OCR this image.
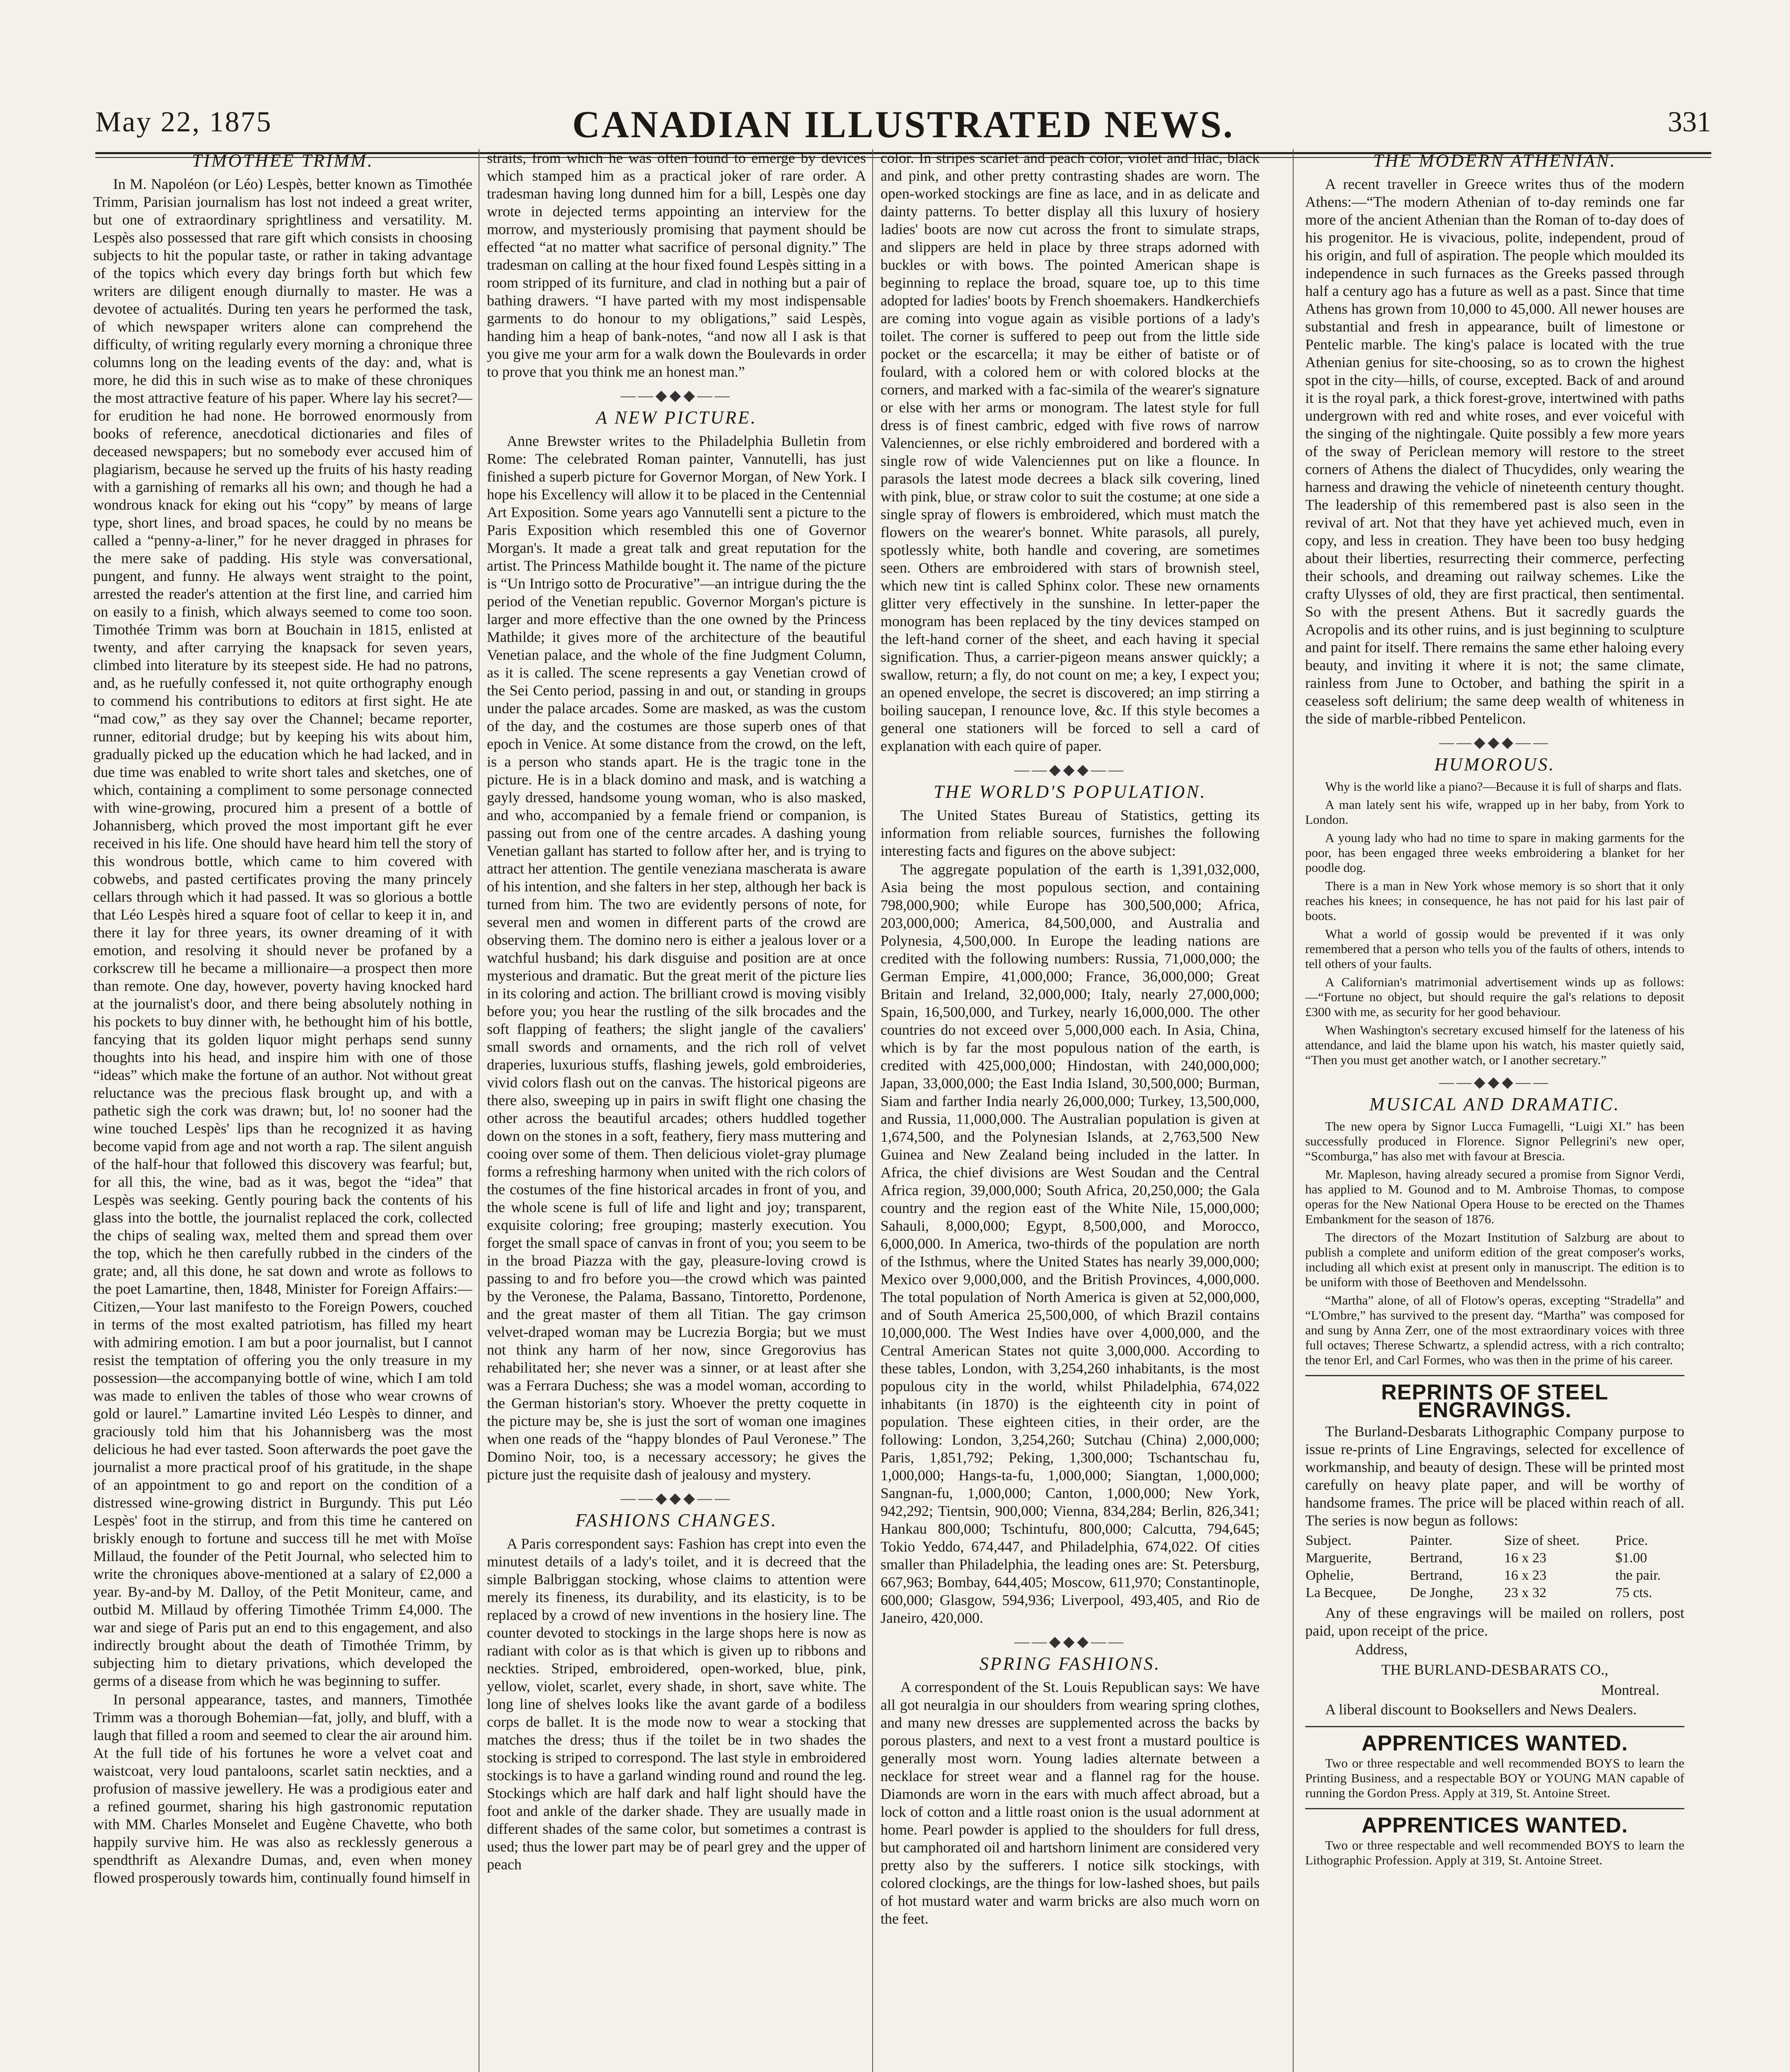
May 22, 1875	CANADIAN ILLUSTRATED NEWS.	331
TIMOTHEE TRIMM.

In M. Napoléon (or Léo) Lespès, better known as Timothée Trimm, Parisian journalism has lost not indeed a great writer, but one of extraordinary sprightliness and versatility. M. Lespès also possessed that rare gift which consists in choosing subjects to hit the popular taste, or rather in taking advantage of the topics which every day brings forth but which few writers are diligent enough diurnally to master. He was a devotee of actualités. During ten years he performed the task, of which newspaper writers alone can comprehend the difficulty, of writing regularly every morning a chronique three columns long on the leading events of the day: and, what is more, he did this in such wise as to make of these chroniques the most attractive feature of his paper. Where lay his secret?—for erudition he had none. He borrowed enormously from books of reference, anecdotical dictionaries and files of deceased newspapers; but no somebody ever accused him of plagiarism, because he served up the fruits of his hasty reading with a garnishing of remarks all his own; and though he had a wondrous knack for eking out his “copy” by means of large type, short lines, and broad spaces, he could by no means be called a “penny-a-liner,” for he never dragged in phrases for the mere sake of padding. His style was conversational, pungent, and funny. He always went straight to the point, arrested the reader's attention at the first line, and carried him on easily to a finish, which always seemed to come too soon. Timothée Trimm was born at Bouchain in 1815, enlisted at twenty, and after carrying the knapsack for seven years, climbed into literature by its steepest side. He had no patrons, and, as he ruefully confessed it, not quite orthography enough to commend his contributions to editors at first sight. He ate “mad cow,” as they say over the Channel; became reporter, runner, editorial drudge; but by keeping his wits about him, gradually picked up the education which he had lacked, and in due time was enabled to write short tales and sketches, one of which, containing a compliment to some personage connected with wine-growing, procured him a present of a bottle of Johannisberg, which proved the most important gift he ever received in his life. One should have heard him tell the story of this wondrous bottle, which came to him covered with cobwebs, and pasted certificates proving the many princely cellars through which it had passed. It was so glorious a bottle that Léo Lespès hired a square foot of cellar to keep it in, and there it lay for three years, its owner dreaming of it with emotion, and resolving it should never be profaned by a corkscrew till he became a millionaire—a prospect then more than remote. One day, however, poverty having knocked hard at the journalist's door, and there being absolutely nothing in his pockets to buy dinner with, he bethought him of his bottle, fancying that its golden liquor might perhaps send sunny thoughts into his head, and inspire him with one of those “ideas” which make the fortune of an author. Not without great reluctance was the precious flask brought up, and with a pathetic sigh the cork was drawn; but, lo! no sooner had the wine touched Lespès' lips than he recognized it as having become vapid from age and not worth a rap. The silent anguish of the half-hour that followed this discovery was fearful; but, for all this, the wine, bad as it was, begot the “idea” that Lespès was seeking. Gently pouring back the contents of his glass into the bottle, the journalist replaced the cork, collected the chips of sealing wax, melted them and spread them over the top, which he then carefully rubbed in the cinders of the grate; and, all this done, he sat down and wrote as follows to the poet Lamartine, then, 1848, Minister for Foreign Affairs:—Citizen,—Your last manifesto to the Foreign Powers, couched in terms of the most exalted patriotism, has filled my heart with admiring emotion. I am but a poor journalist, but I cannot resist the temptation of offering you the only treasure in my possession—the accompanying bottle of wine, which I am told was made to enliven the tables of those who wear crowns of gold or laurel.” Lamartine invited Léo Lespès to dinner, and graciously told him that his Johannisberg was the most delicious he had ever tasted. Soon afterwards the poet gave the journalist a more practical proof of his gratitude, in the shape of an appointment to go and report on the condition of a distressed wine-growing district in Burgundy. This put Léo Lespès' foot in the stirrup, and from this time he cantered on briskly enough to fortune and success till he met with Moïse Millaud, the founder of the Petit Journal, who selected him to write the chroniques above-mentioned at a salary of £2,000 a year. By-and-by M. Dalloy, of the Petit Moniteur, came, and outbid M. Millaud by offering Timothée Trimm £4,000. The war and siege of Paris put an end to this engagement, and also indirectly brought about the death of Timothée Trimm, by subjecting him to dietary privations, which developed the germs of a disease from which he was beginning to suffer.

In personal appearance, tastes, and manners, Timothée Trimm was a thorough Bohemian—fat, jolly, and bluff, with a laugh that filled a room and seemed to clear the air around him. At the full tide of his fortunes he wore a velvet coat and waistcoat, very loud pantaloons, scarlet satin neckties, and a profusion of massive jewellery. He was a prodigious eater and a refined gourmet, sharing his high gastronomic reputation with MM. Charles Monselet and Eugène Chavette, who both happily survive him. He was also as recklessly generous a spendthrift as Alexandre Dumas, and, even when money flowed prosperously towards him, continually found himself in

straits, from which he was often found to emerge by devices which stamped him as a practical joker of rare order. A tradesman having long dunned him for a bill, Lespès one day wrote in dejected terms appointing an interview for the morrow, and mysteriously promising that payment should be effected “at no matter what sacrifice of personal dignity.” The tradesman on calling at the hour fixed found Lespès sitting in a room stripped of its furniture, and clad in nothing but a pair of bathing drawers. “I have parted with my most indispensable garments to do honour to my obligations,” said Lespès, handing him a heap of bank-notes, “and now all I ask is that you give me your arm for a walk down the Boulevards in order to prove that you think me an honest man.”

——◆◆◆——
A NEW PICTURE.

Anne Brewster writes to the Philadelphia Bulletin from Rome: The celebrated Roman painter, Vannutelli, has just finished a superb picture for Governor Morgan, of New York. I hope his Excellency will allow it to be placed in the Centennial Art Exposition. Some years ago Vannutelli sent a picture to the Paris Exposition which resembled this one of Governor Morgan's. It made a great talk and great reputation for the artist. The Princess Mathilde bought it. The name of the picture is “Un Intrigo sotto de Procurative”—an intrigue during the the period of the Venetian republic. Governor Morgan's picture is larger and more effective than the one owned by the Princess Mathilde; it gives more of the architecture of the beautiful Venetian palace, and the whole of the fine Judgment Column, as it is called. The scene represents a gay Venetian crowd of the Sei Cento period, passing in and out, or standing in groups under the palace arcades. Some are masked, as was the custom of the day, and the costumes are those superb ones of that epoch in Venice. At some distance from the crowd, on the left, is a person who stands apart. He is the tragic tone in the picture. He is in a black domino and mask, and is watching a gayly dressed, handsome young woman, who is also masked, and who, accompanied by a female friend or companion, is passing out from one of the centre arcades. A dashing young Venetian gallant has started to follow after her, and is trying to attract her attention. The gentile veneziana mascherata is aware of his intention, and she falters in her step, although her back is turned from him. The two are evidently persons of note, for several men and women in different parts of the crowd are observing them. The domino nero is either a jealous lover or a watchful husband; his dark disguise and position are at once mysterious and dramatic. But the great merit of the picture lies in its coloring and action. The brilliant crowd is moving visibly before you; you hear the rustling of the silk brocades and the soft flapping of feathers; the slight jangle of the cavaliers' small swords and ornaments, and the rich roll of velvet draperies, luxurious stuffs, flashing jewels, gold embroideries, vivid colors flash out on the canvas. The historical pigeons are there also, sweeping up in pairs in swift flight one chasing the other across the beautiful arcades; others huddled together down on the stones in a soft, feathery, fiery mass muttering and cooing over some of them. Then delicious violet-gray plumage forms a refreshing harmony when united with the rich colors of the costumes of the fine historical arcades in front of you, and the whole scene is full of life and light and joy; transparent, exquisite coloring; free grouping; masterly execution. You forget the small space of canvas in front of you; you seem to be in the broad Piazza with the gay, pleasure-loving crowd is passing to and fro before you—the crowd which was painted by the Veronese, the Palama, Bassano, Tintoretto, Pordenone, and the great master of them all Titian. The gay crimson velvet-draped woman may be Lucrezia Borgia; but we must not think any harm of her now, since Gregorovius has rehabilitated her; she never was a sinner, or at least after she was a Ferrara Duchess; she was a model woman, according to the German historian's story. Whoever the pretty coquette in the picture may be, she is just the sort of woman one imagines when one reads of the “happy blondes of Paul Veronese.” The Domino Noir, too, is a necessary accessory; he gives the picture just the requisite dash of jealousy and mystery.

——◆◆◆——
FASHIONS CHANGES.

A Paris correspondent says: Fashion has crept into even the minutest details of a lady's toilet, and it is decreed that the simple Balbriggan stocking, whose claims to attention were merely its fineness, its durability, and its elasticity, is to be replaced by a crowd of new inventions in the hosiery line. The counter devoted to stockings in the large shops here is now as radiant with color as is that which is given up to ribbons and neckties. Striped, embroidered, open-worked, blue, pink, yellow, violet, scarlet, every shade, in short, save white. The long line of shelves looks like the avant garde of a bodiless corps de ballet. It is the mode now to wear a stocking that matches the dress; thus if the toilet be in two shades the stocking is striped to correspond. The last style in embroidered stockings is to have a garland winding round and round the leg. Stockings which are half dark and half light should have the foot and ankle of the darker shade. They are usually made in different shades of the same color, but sometimes a contrast is used; thus the lower part may be of pearl grey and the upper of peach

color. In stripes scarlet and peach color, violet and lilac, black and pink, and other pretty contrasting shades are worn. The open-worked stockings are fine as lace, and in as delicate and dainty patterns. To better display all this luxury of hosiery ladies' boots are now cut across the front to simulate straps, and slippers are held in place by three straps adorned with buckles or with bows. The pointed American shape is beginning to replace the broad, square toe, up to this time adopted for ladies' boots by French shoemakers. Handkerchiefs are coming into vogue again as visible portions of a lady's toilet. The corner is suffered to peep out from the little side pocket or the escarcella; it may be either of batiste or of foulard, with a colored hem or with colored blocks at the corners, and marked with a fac-simila of the wearer's signature or else with her arms or monogram. The latest style for full dress is of finest cambric, edged with five rows of narrow Valenciennes, or else richly embroidered and bordered with a single row of wide Valenciennes put on like a flounce. In parasols the latest mode decrees a black silk covering, lined with pink, blue, or straw color to suit the costume; at one side a single spray of flowers is embroidered, which must match the flowers on the wearer's bonnet. White parasols, all purely, spotlessly white, both handle and covering, are sometimes seen. Others are embroidered with stars of brownish steel, which new tint is called Sphinx color. These new ornaments glitter very effectively in the sunshine. In letter-paper the monogram has been replaced by the tiny devices stamped on the left-hand corner of the sheet, and each having it special signification. Thus, a carrier-pigeon means answer quickly; a swallow, return; a fly, do not count on me; a key, I expect you; an opened envelope, the secret is discovered; an imp stirring a boiling saucepan, I renounce love, &c. If this style becomes a general one stationers will be forced to sell a card of explanation with each quire of paper.

——◆◆◆——
THE WORLD'S POPULATION.

The United States Bureau of Statistics, getting its information from reliable sources, furnishes the following interesting facts and figures on the above subject:

The aggregate population of the earth is 1,391,032,000, Asia being the most populous section, and containing 798,000,900; while Europe has 300,500,000; Africa, 203,000,000; America, 84,500,000, and Australia and Polynesia, 4,500,000. In Europe the leading nations are credited with the following numbers: Russia, 71,000,000; the German Empire, 41,000,000; France, 36,000,000; Great Britain and Ireland, 32,000,000; Italy, nearly 27,000,000; Spain, 16,500,000, and Turkey, nearly 16,000,000. The other countries do not exceed over 5,000,000 each. In Asia, China, which is by far the most populous nation of the earth, is credited with 425,000,000; Hindostan, with 240,000,000; Japan, 33,000,000; the East India Island, 30,500,000; Burman, Siam and farther India nearly 26,000,000; Turkey, 13,500,000, and Russia, 11,000,000. The Australian population is given at 1,674,500, and the Polynesian Islands, at 2,763,500 New Guinea and New Zealand being included in the latter. In Africa, the chief divisions are West Soudan and the Central Africa region, 39,000,000; South Africa, 20,250,000; the Gala country and the region east of the White Nile, 15,000,000; Sahauli, 8,000,000; Egypt, 8,500,000, and Morocco, 6,000,000. In America, two-thirds of the population are north of the Isthmus, where the United States has nearly 39,000,000; Mexico over 9,000,000, and the British Provinces, 4,000,000. The total population of North America is given at 52,000,000, and of South America 25,500,000, of which Brazil contains 10,000,000. The West Indies have over 4,000,000, and the Central American States not quite 3,000,000. According to these tables, London, with 3,254,260 inhabitants, is the most populous city in the world, whilst Philadelphia, 674,022 inhabitants (in 1870) is the eighteenth city in point of population. These eighteen cities, in their order, are the following: London, 3,254,260; Sutchau (China) 2,000,000; Paris, 1,851,792; Peking, 1,300,000; Tschantschau fu, 1,000,000; Hangs-ta-fu, 1,000,000; Siangtan, 1,000,000; Sangnan-fu, 1,000,000; Canton, 1,000,000; New York, 942,292; Tientsin, 900,000; Vienna, 834,284; Berlin, 826,341; Hankau 800,000; Tschintufu, 800,000; Calcutta, 794,645; Tokio Yeddo, 674,447, and Philadelphia, 674,022. Of cities smaller than Philadelphia, the leading ones are: St. Petersburg, 667,963; Bombay, 644,405; Moscow, 611,970; Constantinople, 600,000; Glasgow, 594,936; Liverpool, 493,405, and Rio de Janeiro, 420,000.

——◆◆◆——
SPRING FASHIONS.

A correspondent of the St. Louis Republican says: We have all got neuralgia in our shoulders from wearing spring clothes, and many new dresses are supplemented across the backs by porous plasters, and next to a vest front a mustard poultice is generally most worn. Young ladies alternate between a necklace for street wear and a flannel rag for the house. Diamonds are worn in the ears with much affect abroad, but a lock of cotton and a little roast onion is the usual adornment at home. Pearl powder is applied to the shoulders for full dress, but camphorated oil and hartshorn liniment are considered very pretty also by the sufferers. I notice silk stockings, with colored clockings, are the things for low-lashed shoes, but pails of hot mustard water and warm bricks are also much worn on the feet.

THE MODERN ATHENIAN.

A recent traveller in Greece writes thus of the modern Athens:—“The modern Athenian of to-day reminds one far more of the ancient Athenian than the Roman of to-day does of his progenitor. He is vivacious, polite, independent, proud of his origin, and full of aspiration. The people which moulded its independence in such furnaces as the Greeks passed through half a century ago has a future as well as a past. Since that time Athens has grown from 10,000 to 45,000. All newer houses are substantial and fresh in appearance, built of limestone or Pentelic marble. The king's palace is located with the true Athenian genius for site-choosing, so as to crown the highest spot in the city—hills, of course, excepted. Back of and around it is the royal park, a thick forest-grove, intertwined with paths undergrown with red and white roses, and ever voiceful with the singing of the nightingale. Quite possibly a few more years of the sway of Periclean memory will restore to the street corners of Athens the dialect of Thucydides, only wearing the harness and drawing the vehicle of nineteenth century thought. The leadership of this remembered past is also seen in the revival of art. Not that they have yet achieved much, even in copy, and less in creation. They have been too busy hedging about their liberties, resurrecting their commerce, perfecting their schools, and dreaming out railway schemes. Like the crafty Ulysses of old, they are first practical, then sentimental. So with the present Athens. But it sacredly guards the Acropolis and its other ruins, and is just beginning to sculpture and paint for itself. There remains the same ether haloing every beauty, and inviting it where it is not; the same climate, rainless from June to October, and bathing the spirit in a ceaseless soft delirium; the same deep wealth of whiteness in the side of marble-ribbed Pentelicon.

——◆◆◆——
HUMOROUS.

Why is the world like a piano?—Because it is full of sharps and flats.

A man lately sent his wife, wrapped up in her baby, from York to London.

A young lady who had no time to spare in making garments for the poor, has been engaged three weeks embroidering a blanket for her poodle dog.

There is a man in New York whose memory is so short that it only reaches his knees; in consequence, he has not paid for his last pair of boots.

What a world of gossip would be prevented if it was only remembered that a person who tells you of the faults of others, intends to tell others of your faults.

A Californian's matrimonial advertisement winds up as follows:—“Fortune no object, but should require the gal's relations to deposit £300 with me, as security for her good behaviour.

When Washington's secretary excused himself for the lateness of his attendance, and laid the blame upon his watch, his master quietly said, “Then you must get another watch, or I another secretary.”

——◆◆◆——
MUSICAL AND DRAMATIC.

The new opera by Signor Lucca Fumagelli, “Luigi XI.” has been successfully produced in Florence. Signor Pellegrini's new oper, “Scomburga,” has also met with favour at Brescia.

Mr. Mapleson, having already secured a promise from Signor Verdi, has applied to M. Gounod and to M. Ambroise Thomas, to compose operas for the New National Opera House to be erected on the Thames Embankment for the season of 1876.

The directors of the Mozart Institution of Salzburg are about to publish a complete and uniform edition of the great composer's works, including all which exist at present only in manuscript. The edition is to be uniform with those of Beethoven and Mendelssohn.

“Martha” alone, of all of Flotow's operas, excepting “Stradella” and “L'Ombre,” has survived to the present day. “Martha” was composed for and sung by Anna Zerr, one of the most extraordinary voices with three full octaves; Therese Schwartz, a splendid actress, with a rich contralto; the tenor Erl, and Carl Formes, who was then in the prime of his career.

REPRINTS OF STEEL ENGRAVINGS.

The Burland-Desbarats Lithographic Company purpose to issue re-prints of Line Engravings, selected for excellence of workmanship, and beauty of design. These will be printed most carefully on heavy plate paper, and will be worthy of handsome frames. The price will be placed within reach of all. The series is now begun as follows:

Subject.	Painter.	Size of sheet.	Price.
Marguerite,	Bertrand,	16 x 23	$1.00
Ophelie,	Bertrand,	16 x 23	the pair.
La Becquee,	De Jonghe,	23 x 32	75 cts.

Any of these engravings will be mailed on rollers, post paid, upon receipt of the price.

Address,

THE BURLAND-DESBARATS CO.,
Montreal.

A liberal discount to Booksellers and News Dealers.

APPRENTICES WANTED.

Two or three respectable and well recommended BOYS to learn the Printing Business, and a respectable BOY or YOUNG MAN capable of running the Gordon Press. Apply at 319, St. Antoine Street.

APPRENTICES WANTED.

Two or three respectable and well recommended BOYS to learn the Lithographic Profession. Apply at 319, St. Antoine Street.
